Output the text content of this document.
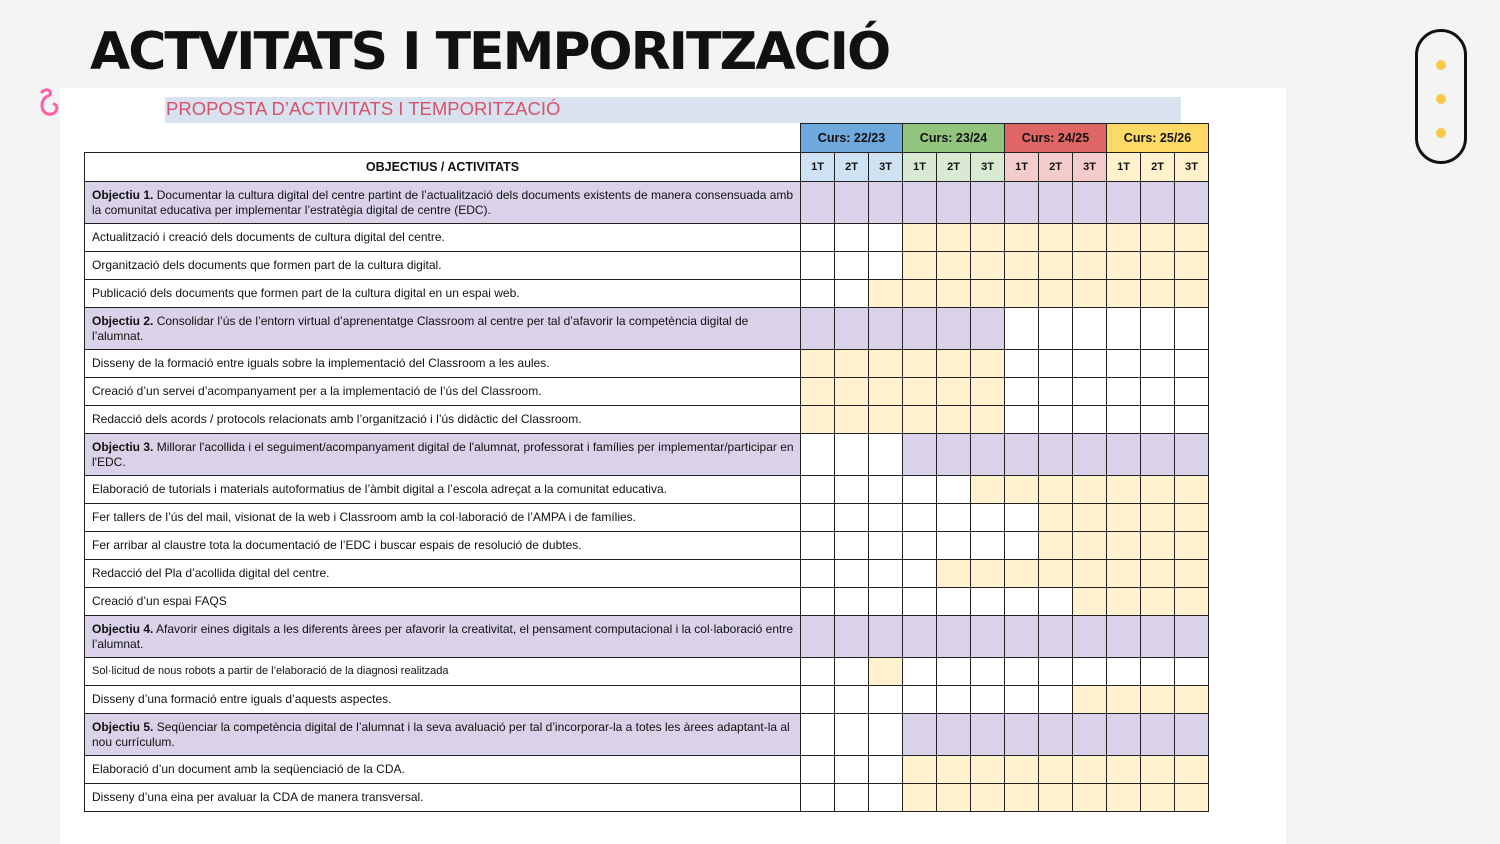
ACTVITATS I TEMPORITZACIÓ
PROPOSTA D’ACTIVITATS I TEMPORITZACIÓ
	Curs: 22/23			Curs: 23/24			Curs: 24/25			Curs: 25/26		
OBJECTIUS / ACTIVITATS	1T	2T	3T	1T	2T	3T	1T	2T	3T	1T	2T	3T
Objectiu 1. Documentar la cultura digital del centre partint de l’actualització dels documents existents de manera consensuada amb la comunitat educativa per implementar l’estratègia digital de centre (EDC).												
Actualització i creació dels documents de cultura digital del centre.												
Organització dels documents que formen part de la cultura digital.												
Publicació dels documents que formen part de la cultura digital en un espai web.												
Objectiu 2. Consolidar l’ús de l’entorn virtual d’aprenentatge Classroom al centre per tal d’afavorir la competència digital de l’alumnat.												
Disseny de la formació entre iguals sobre la implementació del Classroom a les aules.												
Creació d’un servei d’acompanyament per a la implementació de l’ús del Classroom.												
Redacció dels acords / protocols relacionats amb l’organització i l’ús didàctic del Classroom.												
Objectiu 3. Millorar l'acollida i el seguiment/acompanyament digital de l'alumnat, professorat i famílies per implementar/participar en l'EDC.												
Elaboració de tutorials i materials autoformatius de l’àmbit digital a l’escola adreçat a la comunitat educativa.												
Fer tallers de l’ús del mail, visionat de la web i Classroom amb la col·laboració de l’AMPA i de famílies.												
Fer arribar al claustre tota la documentació de l’EDC i buscar espais de resolució de dubtes.												
Redacció del Pla d’acollida digital del centre.												
Creació d’un espai FAQS												
Objectiu 4. Afavorir eines digitals a les diferents àrees per afavorir la creativitat, el pensament computacional i la col·laboració entre l’alumnat.												
Sol·licitud de nous robots a partir de l’elaboració de la diagnosi realitzada												
Disseny d’una formació entre iguals d’aquests aspectes.												
Objectiu 5. Seqüenciar la competència digital de l’alumnat i la seva avaluació per tal d’incorporar-la a totes les àrees adaptant-la al nou currículum.												
Elaboració d’un document amb la seqüenciació de la CDA.												
Disseny d’una eina per avaluar la CDA de manera transversal.												
